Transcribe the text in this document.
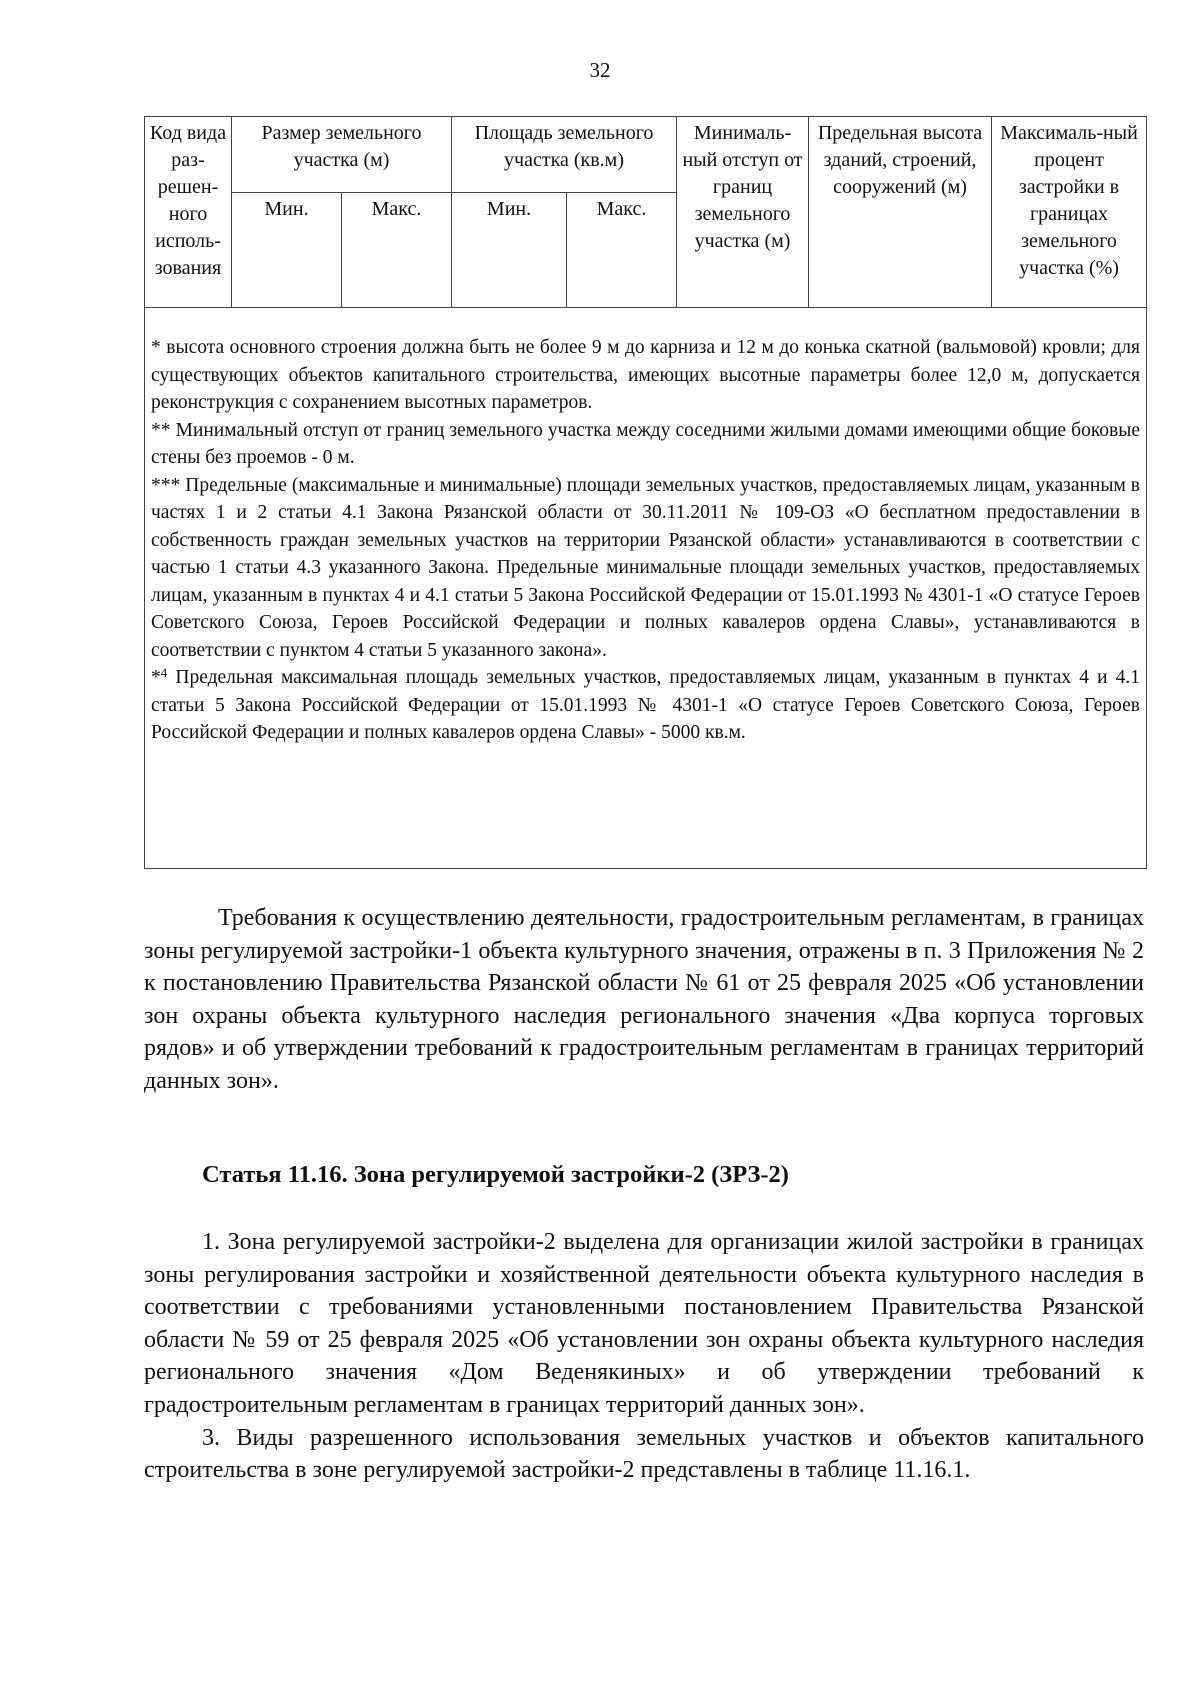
32
Код вида раз-решен-ного исполь-зования	Размер земельного участка (м)		Площадь земельного участка (кв.м)		Минималь-ный отступ от границ земельного участка (м)	Предельная высота зданий, строений, сооружений (м)	Максималь-ный процент застройки в границах земельного участка (%)
	Мин.	Макс.	Мин.	Макс.			

* высота основного строения должна быть не более 9 м до карниза и 12 м до конька скатной (вальмовой) кровли; для существующих объектов капитального строительства, имеющих высотные параметры более 12,0 м, допускается реконструкция с сохранением высотных параметров.

** Минимальный отступ от границ земельного участка между соседними жилыми домами имеющими общие боковые стены без проемов - 0 м.

*** Предельные (максимальные и минимальные) площади земельных участков, предоставляемых лицам, указанным в частях 1 и 2 статьи 4.1 Закона Рязанской области от 30.11.2011 № 109-ОЗ «О бесплатном предоставлении в собственность граждан земельных участков на территории Рязанской области» устанавливаются в соответствии с частью 1 статьи 4.3 указанного Закона. Предельные минимальные площади земельных участков, предоставляемых лицам, указанным в пунктах 4 и 4.1 статьи 5 Закона Российской Федерации от 15.01.1993 № 4301-1 «О статусе Героев Советского Союза, Героев Российской Федерации и полных кавалеров ордена Славы», устанавливаются в соответствии с пунктом 4 статьи 5 указанного закона».

*$^4$ Предельная максимальная площадь земельных участков, предоставляемых лицам, указанным в пунктах 4 и 4.1 статьи 5 Закона Российской Федерации от 15.01.1993 № 4301-1 «О статусе Героев Советского Союза, Героев Российской Федерации и полных кавалеров ордена Славы» - 5000 кв.м.							

Требования к осуществлению деятельности, градостроительным регламентам, в границах зоны регулируемой застройки-1 объекта культурного значения, отражены в п. 3 Приложения № 2 к постановлению Правительства Рязанской области № 61 от 25 февраля 2025 «Об установлении зон охраны объекта культурного наследия регионального значения «Два корпуса торговых рядов» и об утверждении требований к градостроительным регламентам в границах территорий данных зон».

Статья 11.16. Зона регулируемой застройки-2 (ЗРЗ-2)

1. Зона регулируемой застройки-2 выделена для организации жилой застройки в границах зоны регулирования застройки и хозяйственной деятельности объекта культурного наследия в соответствии с требованиями установленными постановлением Правительства Рязанской области № 59 от 25 февраля 2025 «Об установлении зон охраны объекта культурного наследия регионального значения «Дом Веденякиных» и об утверждении требований к градостроительным регламентам в границах территорий данных зон».

3. Виды разрешенного использования земельных участков и объектов капитального строительства в зоне регулируемой застройки-2 представлены в таблице 11.16.1.
